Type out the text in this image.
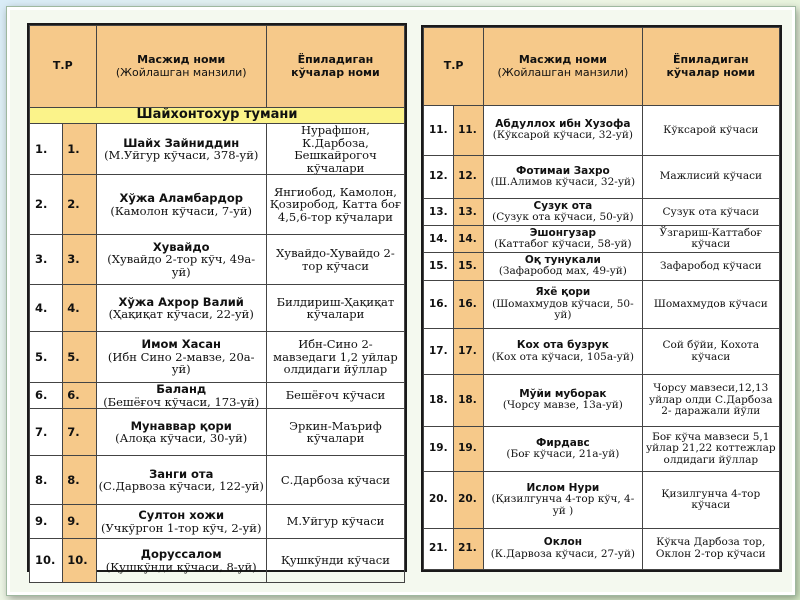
Т.Р		Масжид номи
(Жойлашган манзили)	Ёпиладиган
кўчалар номи

Шайхонтохур тумани			
1.	1.	Шайх Зайниддин
(М.Уйгур кўчаси, 378-уй)	Нурафшон, К.Дарбоза, Бешкайрогоч кўчалари
2.	2.	Хўжа Аламбардор
(Камолон кўчаси, 7-уй)	Янгиобод, Камолон, Қозиробод, Катта боғ 4,5,6-тор кўчалари
3.	3.	Хувайдо
(Хувайдо 2-тор кўч, 49а-уй)	Хувайдо-Хувайдо 2-тор кўчаси
4.	4.	Хўжа Ахрор Валий
(Ҳақиқат кўчаси, 22-уй)	Билдириш-Ҳақиқат кўчалари
5.	5.	Имом Хасан
(Ибн Сино 2-мавзе, 20а-уй)	Ибн-Сино 2-мавзедаги 1,2 уйлар олдидаги йўллар
6.	6.	Баланд
(Бешёғоч кўчаси, 173-уй)	Бешёғоч кўчаси
7.	7.	Мунаввар қори
(Алоқа кўчаси, 30-уй)	Эркин-Маъриф кўчалари
8.	8.	Занги ота
(С.Дарвоза кўчаси, 122-уй)	С.Дарбоза кўчаси
9.	9.	Султон хожи
(Учкўргон 1-тор кўч, 2-уй)	М.Уйгур кўчаси
10.	10.	Доруссалом
(Қушкўнди кўчаси, 8-уй)	Қушкўнди кўчаси
Т.Р		Масжид номи
(Жойлашган манзили)	Ёпиладиган
кўчалар номи

11.	11.	Абдуллох ибн Хузофа
(Кўксарой кўчаси, 32-уй)	Кўксарой кўчаси
12.	12.	Фотимаи Захро
(Ш.Алимов кўчаси, 32-уй)	Мажлисий кўчаси
13.	13.	Сузук ота
(Сузук ота кўчаси, 50-уй)	Сузук ота кўчаси
14.	14.	Эшонгузар
(Каттабог кўчаси, 58-уй)	Ўзгариш-Каттабоғ кўчаси
15.	15.	Оқ тунукали
(Зафаробод мах, 49-уй)	Зафаробод кўчаси
16.	16.	Яхё қори
(Шомахмудов кўчаси, 50-уй)	Шомахмудов кўчаси
17.	17.	Кох ота бузрук
(Кох ота кўчаси, 105а-уй)	Сой бўйи, Кохота кўчаси
18.	18.	Мўйи муборак
(Чорсу мавзе, 13а-уй)	Чорсу мавзеси,12,13 уйлар олди С.Дарбоза 2- даражали йўли
19.	19.	Фирдавс
(Боғ кўчаси, 21а-уй)	Боғ кўча мавзеси 5,1 уйлар 21,22 коттежлар олдидаги йўллар
20.	20.	Ислом Нури
(Қизилгунча 4-тор кўч, 4-уй )	Қизилгунча 4-тор кўчаси
21.	21.	Оклон
(К.Дарвоза кўчаси, 27-уй)	Кўкча Дарбоза тор, Оклон 2-тор кўчаси
